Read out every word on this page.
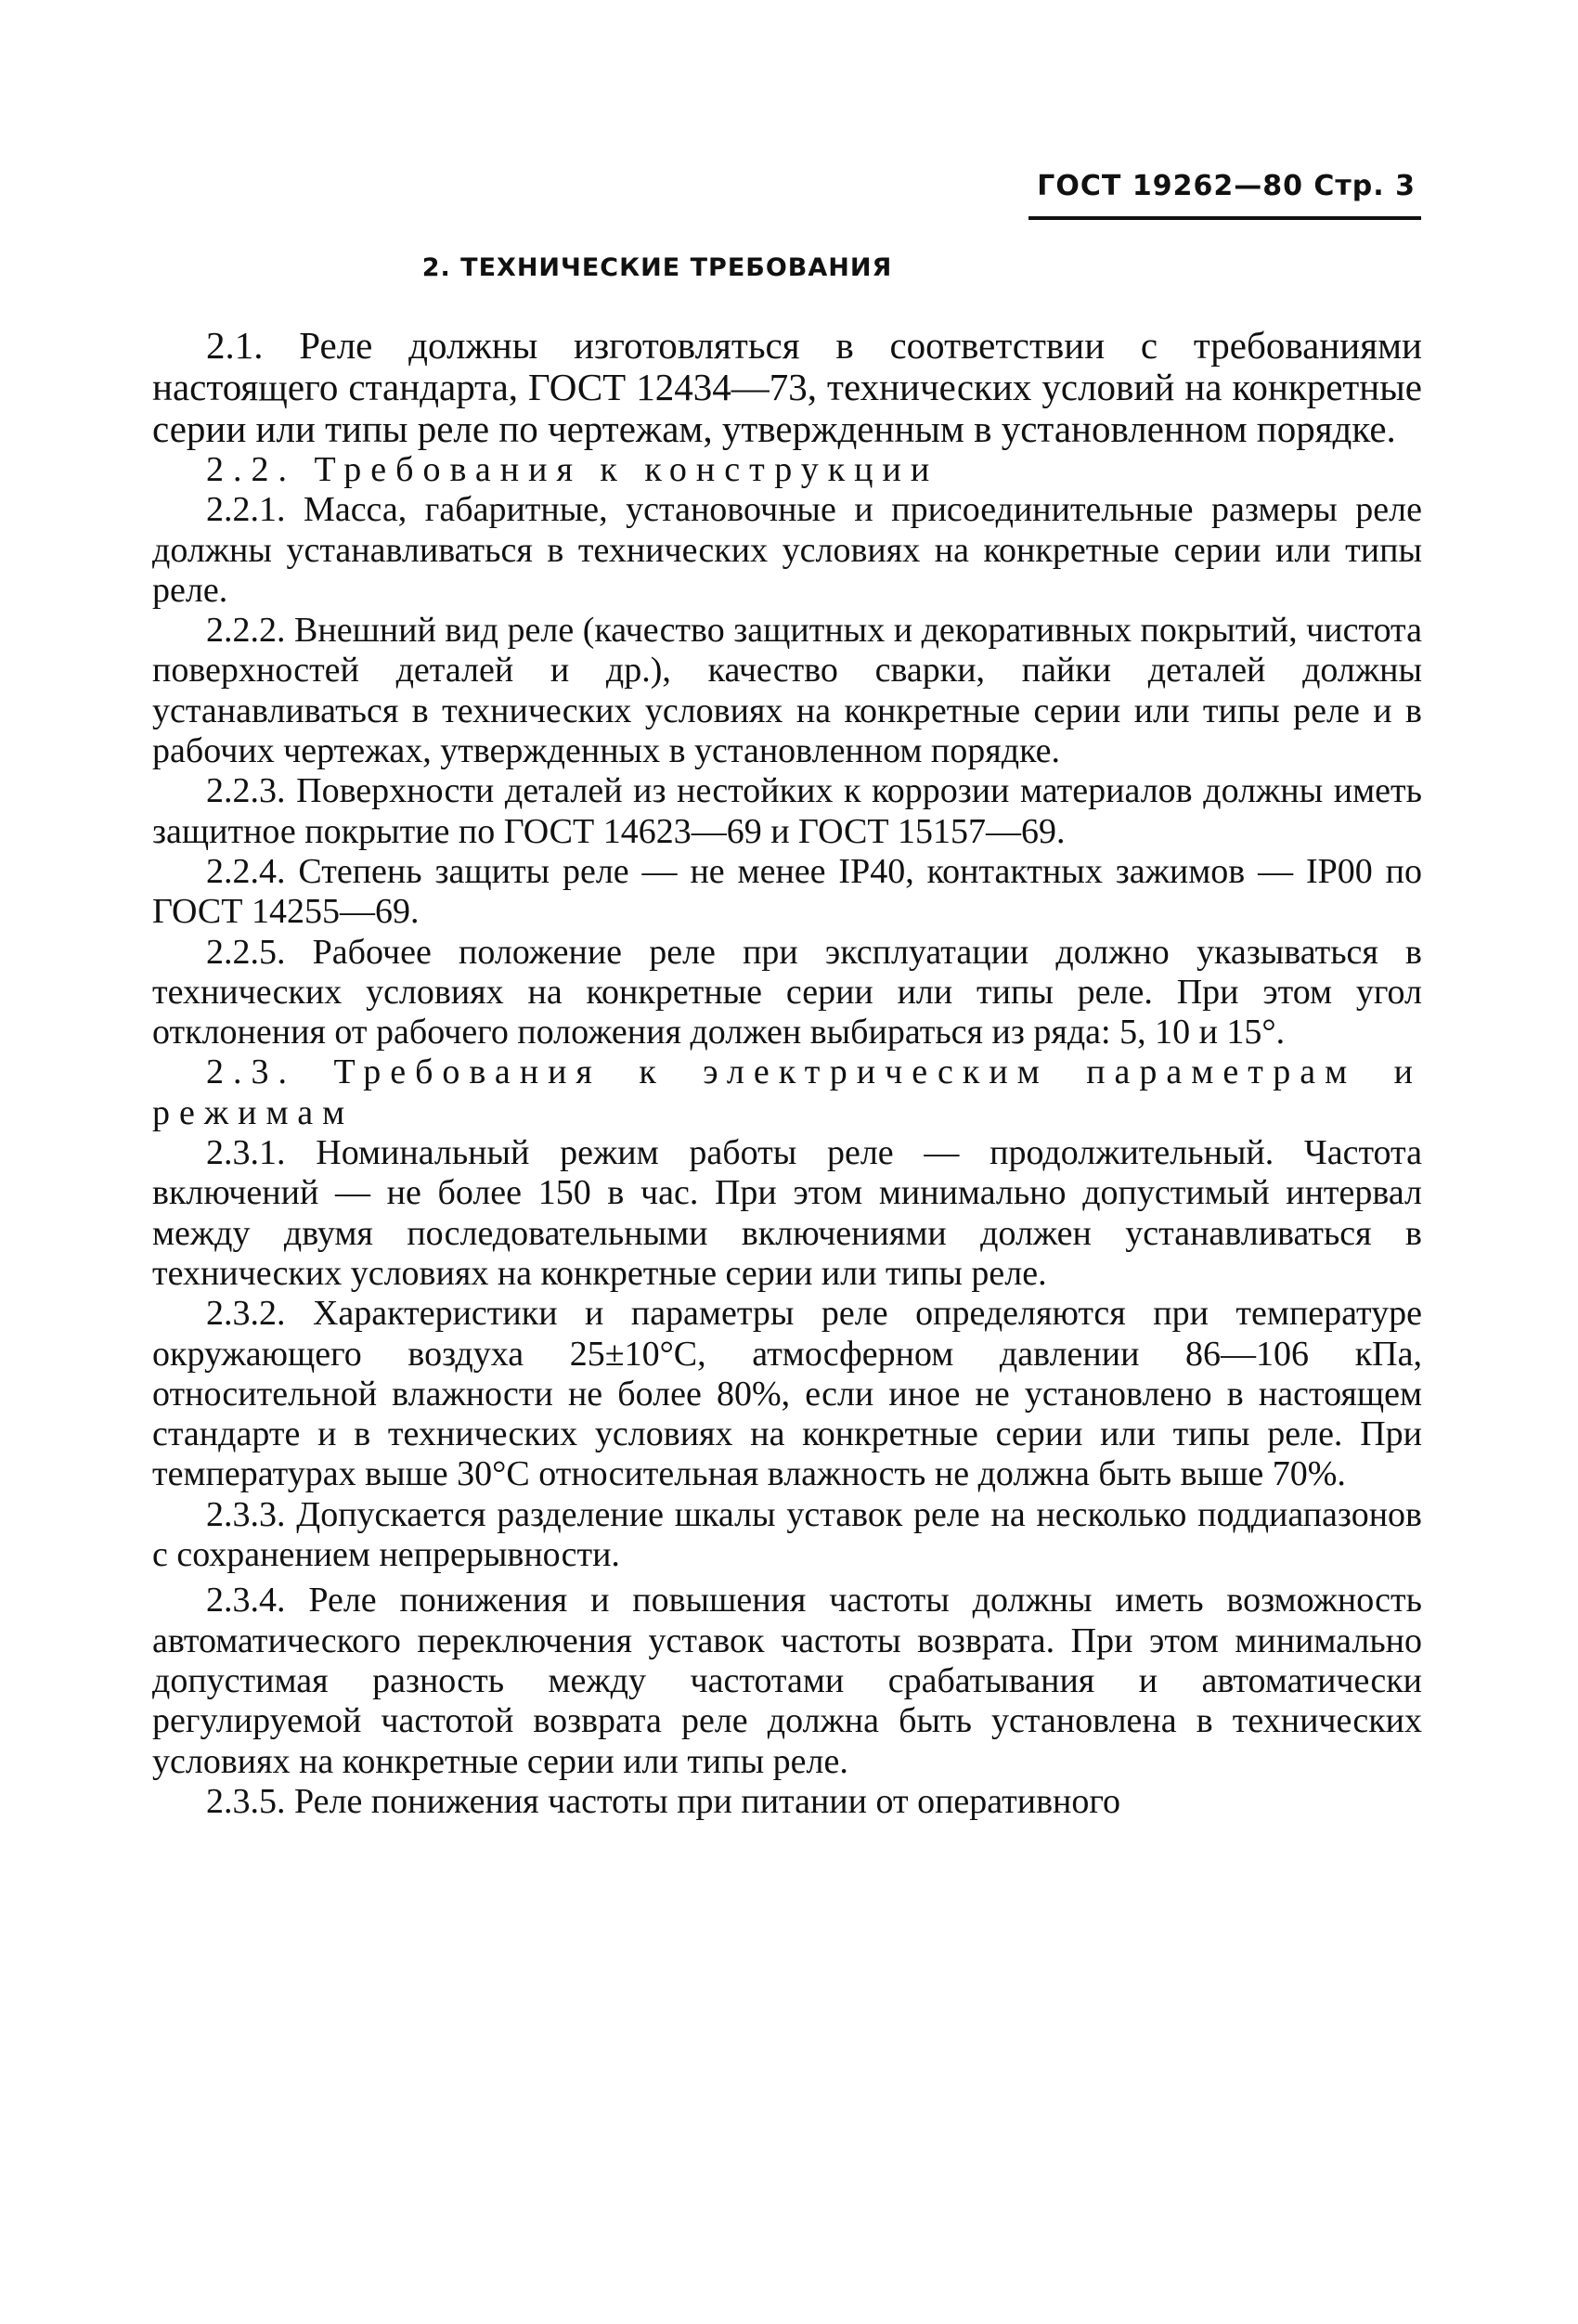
ГОСТ 19262—80 Стр. 3
2. ТЕХНИЧЕСКИЕ ТРЕБОВАНИЯ

2.1. Реле должны изготовляться в соответствии с требованиями настоящего стандарта, ГОСТ 12434—73, технических условий на конкретные серии или типы реле по чертежам, утвержденным в установленном порядке.

2.2. Требования к конструкции

2.2.1. Масса, габаритные, установочные и присоединительные размеры реле должны устанавливаться в технических условиях на конкретные серии или типы реле.

2.2.2. Внешний вид реле (качество защитных и декоративных покрытий, чистота поверхностей деталей и др.), качество сварки, пайки деталей должны устанавливаться в технических условиях на конкретные серии или типы реле и в рабочих чертежах, утвержденных в установленном порядке.

2.2.3. Поверхности деталей из нестойких к коррозии материалов должны иметь защитное покрытие по ГОСТ 14623—69 и ГОСТ 15157—69.

2.2.4. Степень защиты реле — не менее IP40, контактных зажимов — IP00 по ГОСТ 14255—69.

2.2.5. Рабочее положение реле при эксплуатации должно указываться в технических условиях на конкретные серии или типы реле. При этом угол отклонения от рабочего положения должен выбираться из ряда: 5, 10 и 15°.

2.3. Требования к электрическим параметрам и режимам

2.3.1. Номинальный режим работы реле — продолжительный. Частота включений — не более 150 в час. При этом минимально допустимый интервал между двумя последовательными включениями должен устанавливаться в технических условиях на конкретные серии или типы реле.

2.3.2. Характеристики и параметры реле определяются при температуре окружающего воздуха 25±10°С, атмосферном давлении 86—106 кПа, относительной влажности не более 80%, если иное не установлено в настоящем стандарте и в технических условиях на конкретные серии или типы реле. При температурах выше 30°С относительная влажность не должна быть выше 70%.

2.3.3. Допускается разделение шкалы уставок реле на несколько поддиапазонов с сохранением непрерывности.

2.3.4. Реле понижения и повышения частоты должны иметь возможность автоматического переключения уставок частоты возврата. При этом минимально допустимая разность между частотами срабатывания и автоматически регулируемой частотой возврата реле должна быть установлена в технических условиях на конкретные серии или типы реле.

2.3.5. Реле понижения частоты при питании от оперативного
